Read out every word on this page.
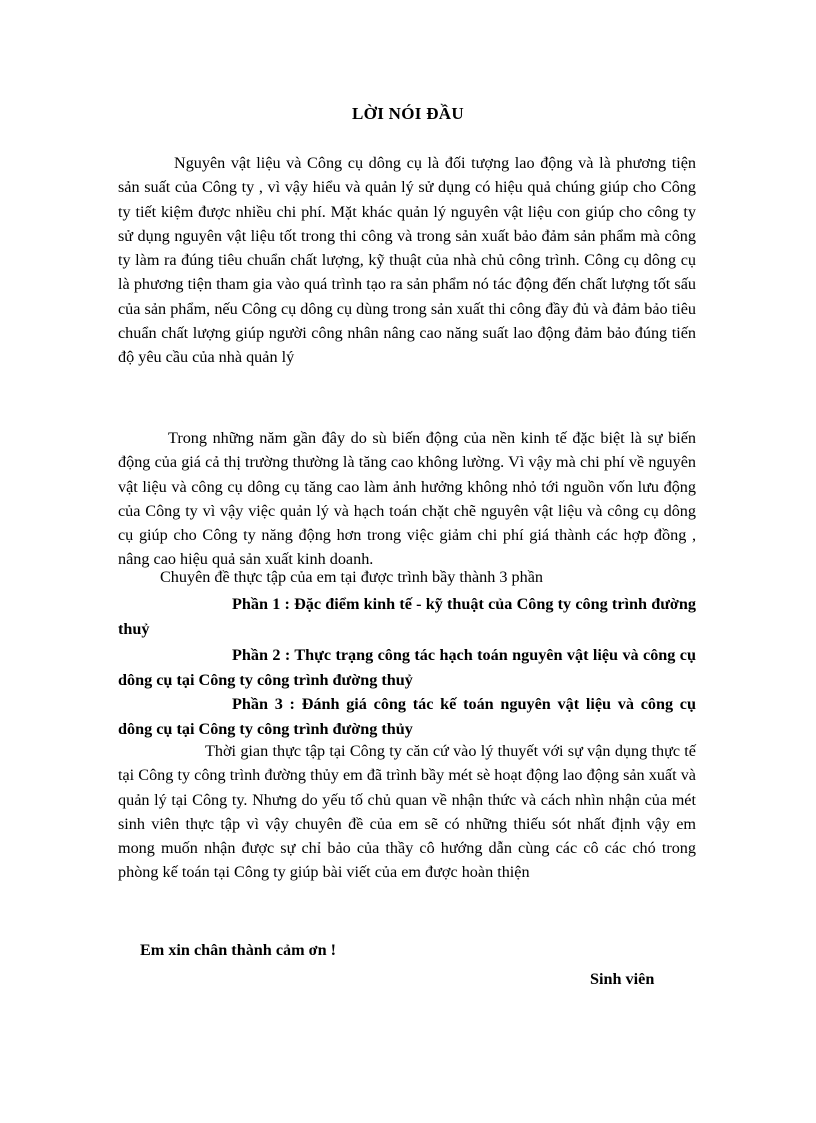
LỜI NÓI ĐẦU
Nguyên vật liệu và Công cụ dông cụ là đối tượng lao động và là phương tiện sản suất của Công ty , vì vậy hiểu và quản lý sử dụng có hiệu quả chúng giúp cho Công ty tiết kiệm được nhiều chi phí. Mặt khác quản lý nguyên vật liệu con giúp cho công ty sử dụng nguyên vật liệu tốt trong thi công và trong sản xuất bảo đảm sản phẩm mà công ty làm ra đúng tiêu chuẩn chất lượng, kỹ thuật của nhà chủ công trình. Công cụ dông cụ là phương tiện tham gia vào quá trình tạo ra sản phẩm nó tác động đến chất lượng tốt sấu của sản phẩm, nếu Công cụ dông cụ dùng trong sản xuất thi công đầy đủ và đảm bảo tiêu chuẩn chất lượng giúp người công nhân nâng cao năng suất lao động đảm bảo đúng tiến độ yêu cầu của nhà quản lý
Trong những năm gần đây do sù biến động của nền kinh tế đặc biệt là sự biến động của giá cả thị trường thường là tăng cao không lường. Vì vậy mà chi phí về nguyên vật liệu và công cụ dông cụ tăng cao làm ảnh hưởng không nhỏ tới nguồn vốn lưu động của Công ty vì vậy việc quản lý và hạch toán chặt chẽ nguyên vật liệu và công cụ dông cụ giúp cho Công ty năng động hơn trong việc giảm chi phí giá thành các hợp đồng , nâng cao hiệu quả sản xuất kinh doanh.
Chuyên đề thực tập của em tại được trình bầy thành 3 phần
Phần 1 : Đặc điểm kinh tế - kỹ thuật của Công ty công trình đường thuỷ
Phần 2 : Thực trạng công tác hạch toán nguyên vật liệu và công cụ dông cụ tại Công ty công trình đường thuỷ
Phần 3 : Đánh giá công tác kế toán nguyên vật liệu và công cụ dông cụ tại Công ty công trình đường thủy
Thời gian thực tập tại Công ty căn cứ vào lý thuyết với sự vận dụng thực tế tại Công ty công trình đường thủy em đã trình bầy mét sè hoạt động lao động sản xuất và quản lý tại Công ty. Nhưng do yếu tố chủ quan về nhận thức và cách nhìn nhận của mét sinh viên thực tập vì vậy chuyên đề của em sẽ có những thiếu sót nhất định vậy em mong muốn nhận được sự chỉ bảo của thầy cô hướng dẫn cùng các cô các chó trong phòng kế toán tại Công ty giúp bài viết của em được hoàn thiện
Em xin chân thành cảm ơn !
Sinh viên
